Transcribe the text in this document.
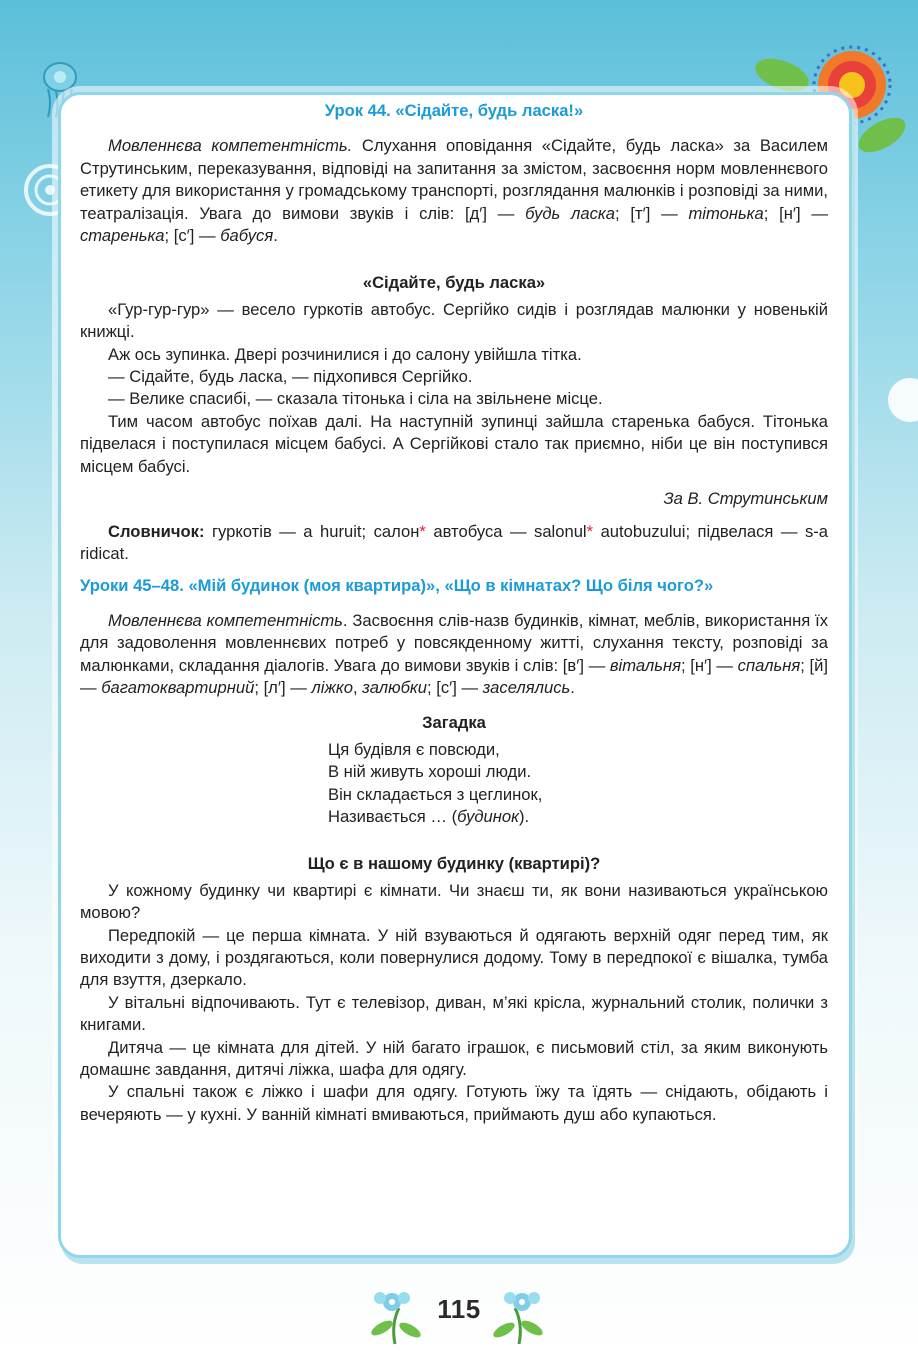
Урок 44. «Сідайте, будь ласка!»

Мовленнєва компетентність. Слухання оповідання «Сідайте, будь ласка» за Василем Струтинським, переказування, відповіді на запитання за змістом, засвоєння норм мовленнєвого етикету для використання у громадському транспорті, розглядання малюнків і розповіді за ними, театралізація. Увага до вимови звуків і слів: [д′] — будь ласка; [т′] — тітонька; [н′] — старенька; [с′] — бабуся.

«Сідайте, будь ласка»

«Гур-гур-гур» — весело гуркотів автобус. Сергійко сидів і розглядав малюнки у новенькій книжці.

Аж ось зупинка. Двері розчинилися і до салону увійшла тітка.

— Сідайте, будь ласка, — підхопився Сергійко.

— Велике спасибі, — сказала тітонька і сіла на звільнене місце.

Тим часом автобус поїхав далі. На наступній зупинці зайшла старенька бабуся. Тітонька підвелася і поступилася місцем бабусі. А Сергійкові стало так приємно, ніби це він поступився місцем бабусі.

За В. Струтинським

Словничок: гуркотів — a huruit; салон* автобуса — salonul* autobuzului; підвелася — s-a ridicat.

Уроки 45–48. «Мій будинок (моя квартира)», «Що в кімнатах? Що біля чого?»

Мовленнєва компетентність. Засвоєння слів-назв будинків, кімнат, меблів, використання їх для задоволення мовленнєвих потреб у повсякденному житті, слухання тексту, розповіді за малюнками, складання діалогів. Увага до вимови звуків і слів: [в′] — вітальня; [н′] — спальня; [й] — багатоквартирний; [л′] — ліжко, залюбки; [с′] — заселялись.

Загадка
Ця будівля є повсюди,
В ній живуть хороші люди.
Він складається з цеглинок,
Називається … (будинок).
Що є в нашому будинку (квартирі)?

У кожному будинку чи квартирі є кімнати. Чи знаєш ти, як вони називаються українською мовою?

Передпокій — це перша кімната. У ній взуваються й одягають верхній одяг перед тим, як виходити з дому, і роздягаються, коли повернулися додому. Тому в передпокої є вішалка, тумба для взуття, дзеркало.

У вітальні відпочивають. Тут є телевізор, диван, м’які крісла, журнальний столик, полички з книгами.

Дитяча — це кімната для дітей. У ній багато іграшок, є письмовий стіл, за яким виконують домашнє завдання, дитячі ліжка, шафа для одягу.

У спальні також є ліжко і шафи для одягу. Готують їжу та їдять — снідають, обідають і вечеряють — у кухні. У ванній кімнаті вмиваються, приймають душ або купаються.

115
